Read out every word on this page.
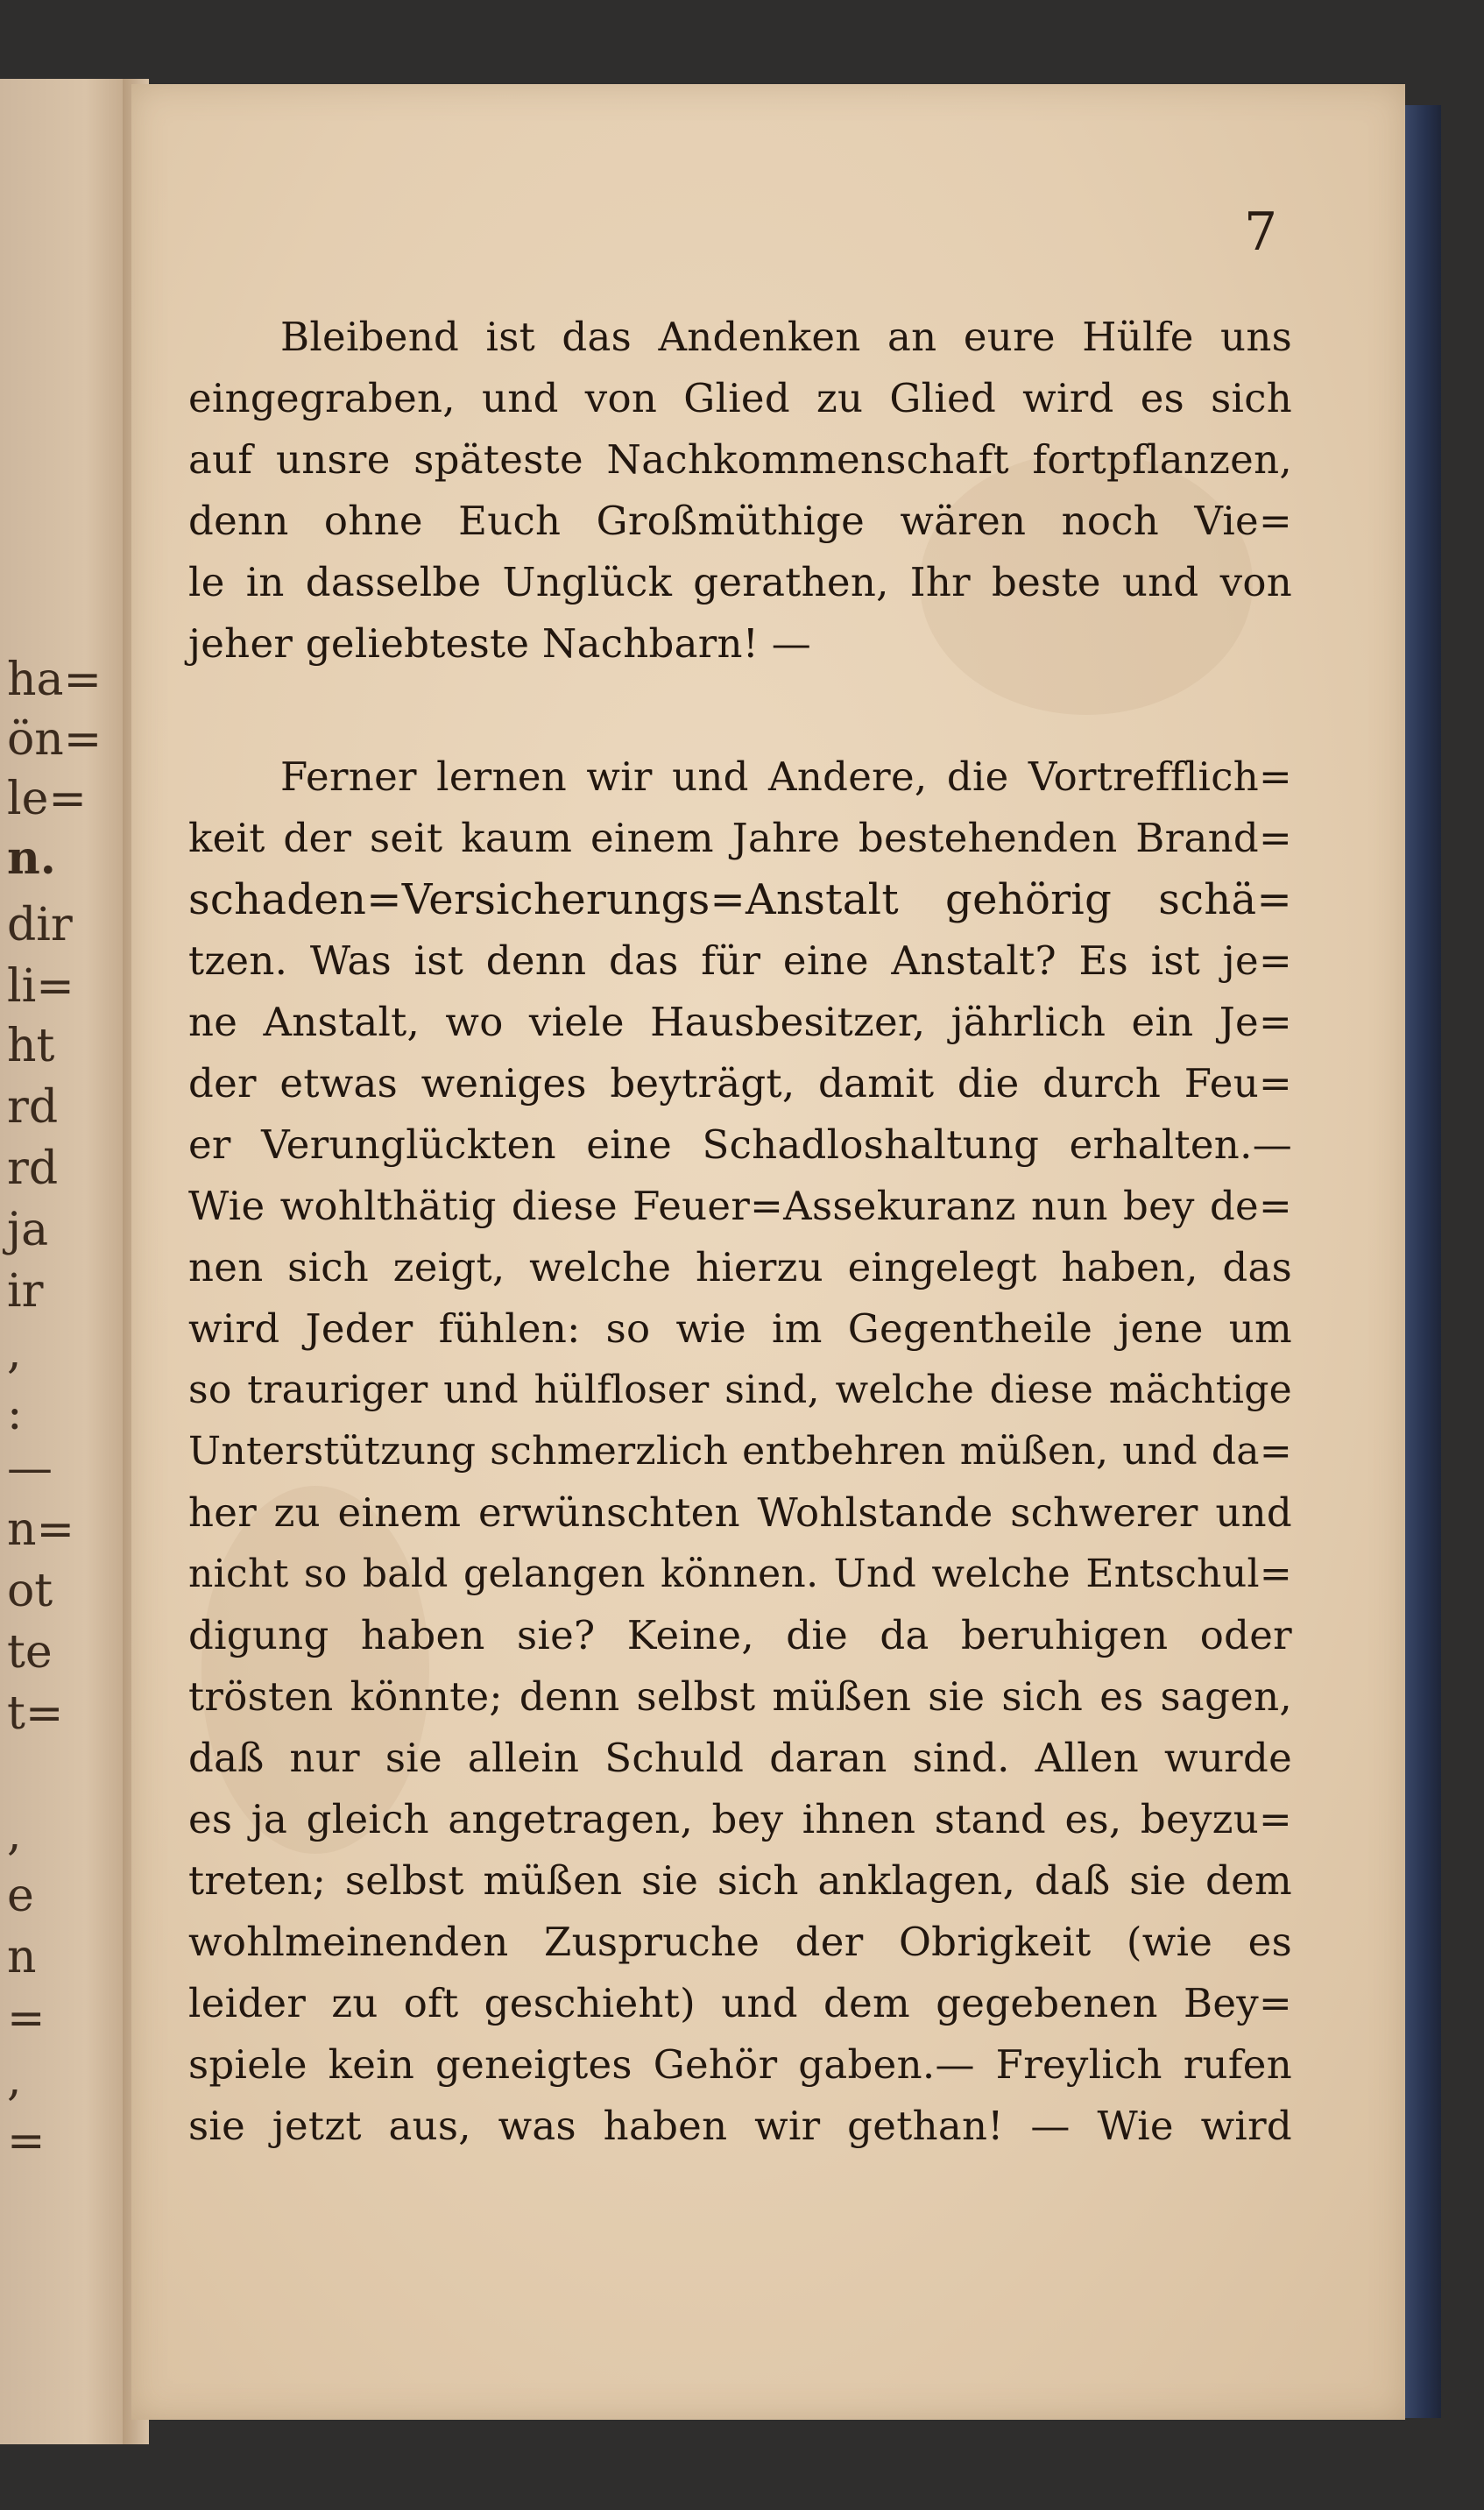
ha=
ön=
le=
n.
dir
li=
ht
rd
rd
ja
ir
,
:
—
n=
ot
te
t=
,
e
n
=
,
=
7

Bleibend ist das Andenken an eure Hülfe uns
eingegraben, und von Glied zu Glied wird es sich
auf unsre späteste Nachkommenschaft fortpflanzen,
denn ohne Euch Großmüthige wären noch Vie=
le in dasselbe Unglück gerathen, Ihr beste und von
jeher geliebteste Nachbarn! —

Ferner lernen wir und Andere, die Vortrefflich=
keit der seit kaum einem Jahre bestehenden Brand=
schaden=Versicherungs=Anstalt gehörig schä=
tzen. Was ist denn das für eine Anstalt? Es ist je=
ne Anstalt, wo viele Hausbesitzer, jährlich ein Je=
der etwas weniges beyträgt, damit die durch Feu=
er Verunglückten eine Schadloshaltung erhalten.—
Wie wohlthätig diese Feuer=Assekuranz nun bey de=
nen sich zeigt, welche hierzu eingelegt haben, das
wird Jeder fühlen: so wie im Gegentheile jene um
so trauriger und hülfloser sind, welche diese mächtige
Unterstützung schmerzlich entbehren müßen, und da=
her zu einem erwünschten Wohlstande schwerer und
nicht so bald gelangen können. Und welche Entschul=
digung haben sie? Keine, die da beruhigen oder
trösten könnte; denn selbst müßen sie sich es sagen,
daß nur sie allein Schuld daran sind. Allen wurde
es ja gleich angetragen, bey ihnen stand es, beyzu=
treten; selbst müßen sie sich anklagen, daß sie dem
wohlmeinenden Zuspruche der Obrigkeit (wie es
leider zu oft geschieht) und dem gegebenen Bey=
spiele kein geneigtes Gehör gaben.— Freylich rufen
sie jetzt aus, was haben wir gethan! — Wie wird
